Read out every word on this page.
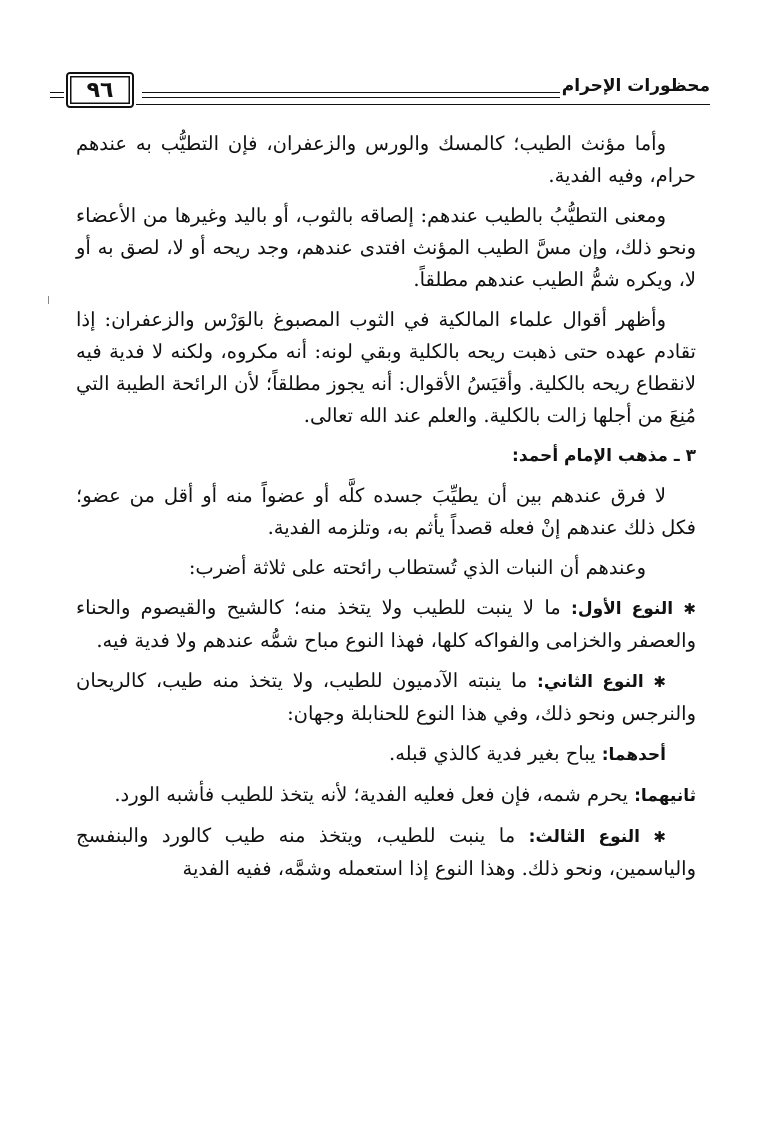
محظورات الإحرام
٩٦

وأما مؤنث الطيب؛ كالمسك والورس والزعفران، فإن التطيُّب به عندهم حرام، وفيه الفدية.

ومعنى التطيُّبُ بالطيب عندهم: إلصاقه بالثوب، أو باليد وغيرها من الأعضاء ونحو ذلك، وإن مسَّ الطيب المؤنث افتدى عندهم، وجد ريحه أو لا، لصق به أو لا، ويكره شمُّ الطيب عندهم مطلقاً.

وأظهر أقوال علماء المالكية في الثوب المصبوغ بالوَرْس والزعفران: إذا تقادم عهده حتى ذهبت ريحه بالكلية وبقي لونه: أنه مكروه، ولكنه لا فدية فيه لانقطاع ريحه بالكلية. وأقيَسُ الأقوال: أنه يجوز مطلقاً؛ لأن الرائحة الطيبة التي مُنِعَ من أجلها زالت بالكلية. والعلم عند الله تعالى.

٣ ـ مذهب الإمام أحمد:

لا فرق عندهم بين أن يطيِّبَ جسده كلَّه أو عضواً منه أو أقل من عضو؛ فكل ذلك عندهم إنْ فعله قصداً يأثم به، وتلزمه الفدية.

وعندهم أن النبات الذي تُستطاب رائحته على ثلاثة أضرب:

✱ النوع الأول: ما لا ينبت للطيب ولا يتخذ منه؛ كالشيح والقيصوم والحناء والعصفر والخزامى والفواكه كلها، فهذا النوع مباح شمُّه عندهم ولا فدية فيه.

✱ النوع الثاني: ما ينبته الآدميون للطيب، ولا يتخذ منه طيب، كالريحان والنرجس ونحو ذلك، وفي هذا النوع للحنابلة وجهان:

أحدهما: يباح بغير فدية كالذي قبله.

ثانيهما: يحرم شمه، فإن فعل فعليه الفدية؛ لأنه يتخذ للطيب فأشبه الورد.

✱ النوع الثالث: ما ينبت للطيب، ويتخذ منه طيب كالورد والبنفسج والياسمين، ونحو ذلك. وهذا النوع إذا استعمله وشمَّه، ففيه الفدية
